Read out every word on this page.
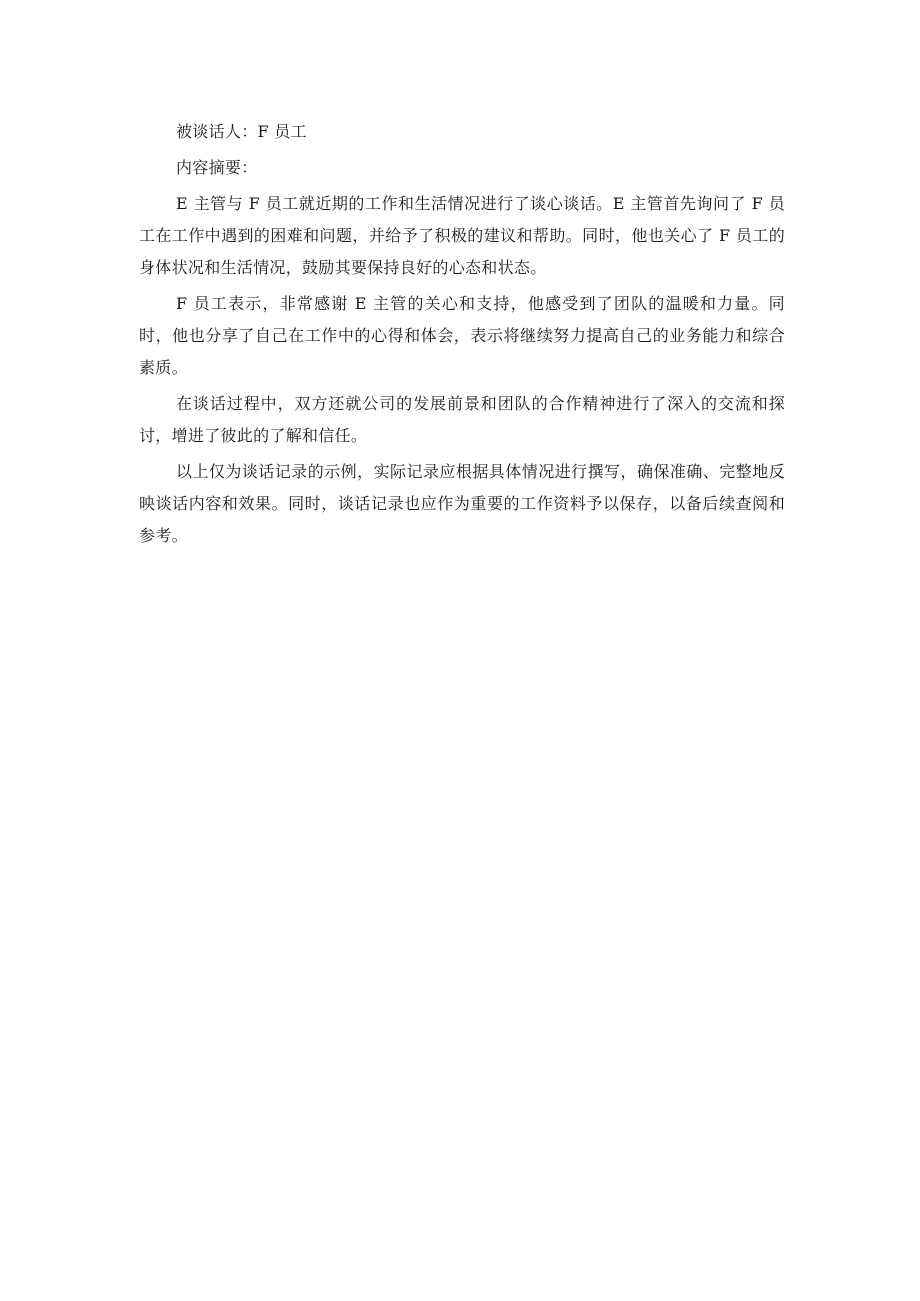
被谈话人：F 员工

内容摘要：

E 主管与 F 员工就近期的工作和生活情况进行了谈心谈话。E 主管首先询问了 F 员工在工作中遇到的困难和问题，并给予了积极的建议和帮助。同时，他也关心了 F 员工的身体状况和生活情况，鼓励其要保持良好的心态和状态。

F 员工表示，非常感谢 E 主管的关心和支持，他感受到了团队的温暖和力量。同时，他也分享了自己在工作中的心得和体会，表示将继续努力提高自己的业务能力和综合素质。

在谈话过程中，双方还就公司的发展前景和团队的合作精神进行了深入的交流和探讨，增进了彼此的了解和信任。

以上仅为谈话记录的示例，实际记录应根据具体情况进行撰写，确保准确、完整地反映谈话内容和效果。同时，谈话记录也应作为重要的工作资料予以保存，以备后续查阅和参考。
